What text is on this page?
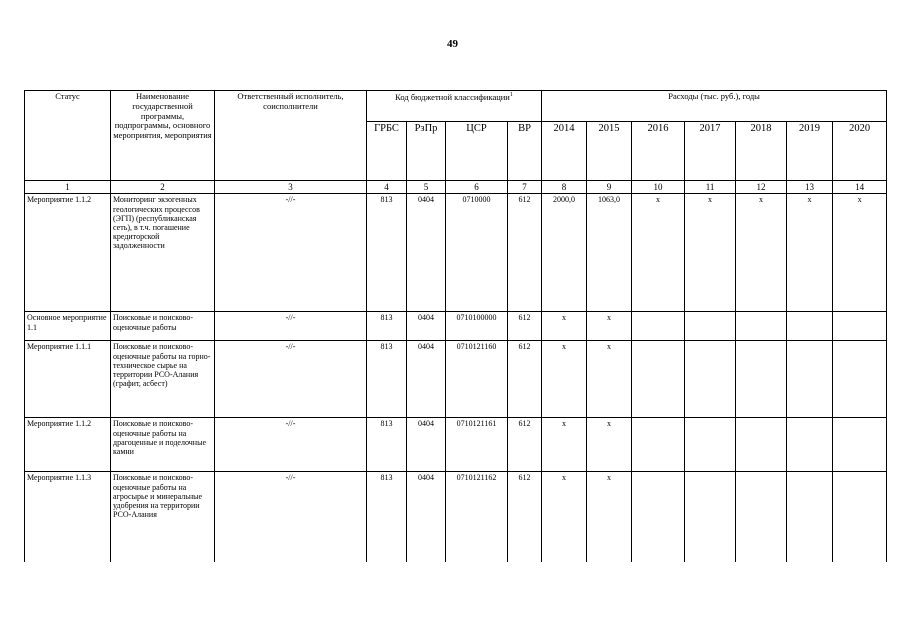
49
Статус	Наименование государственной программы, подпрограммы, основного мероприятия, мероприятия	Ответственный исполнитель, соисполнители	Код бюджетной классификации$^1$				Расходы (тыс. руб.), годы						
			ГРБС	РзПр	ЦСР	ВР	2014	2015	2016	2017	2018	2019	2020
1	2	3	4	5	6	7	8	9	10	11	12	13	14
Мероприятие 1.1.2	Мониторинг экзогенных геологических процессов (ЭГП) (республиканская сеть), в т.ч. погашение кредиторской задолженности	-//-	813	0404	0710000	612	2000,0	1063,0	х	х	х	х	х
Основное мероприятие 1.1	Поисковые и поисково-оценочные работы	-//-	813	0404	0710100000	612	х	х					
Мероприятие 1.1.1	Поисковые и поисково-оценочные работы на горно-техническое сырье на территории РСО-Алания (графит, асбест)	-//-	813	0404	0710121160	612	х	х					
Мероприятие 1.1.2	Поисковые и поисково-оценочные работы на драгоценные и поделочные камни	-//-	813	0404	0710121161	612	х	х					
Мероприятие 1.1.3	Поисковые и поисково-оценочные работы на агросырье и минеральные удобрения на территории РСО-Алания	-//-	813	0404	0710121162	612	х	х					
